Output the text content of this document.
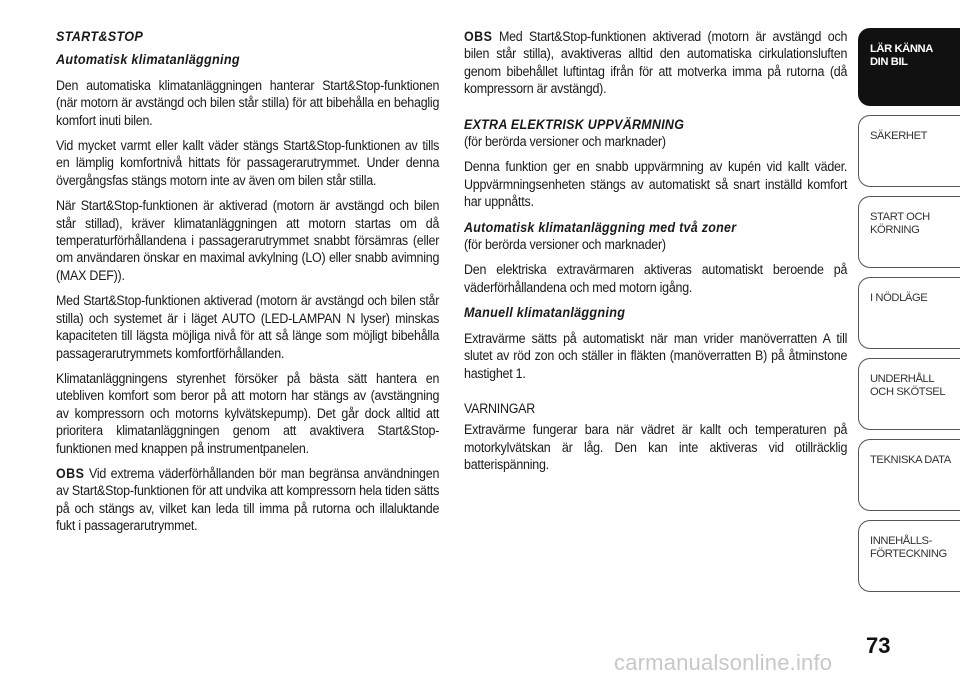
START&STOP
Automatisk klimatanläggning

Den automatiska klimatanläggningen hanterar Start&Stop-funktionen (när motorn är avstängd och bilen står stilla) för att bibehålla en behaglig komfort inuti bilen.

Vid mycket varmt eller kallt väder stängs Start&Stop-funktionen av tills en lämplig komfortnivå hittats för passagerarutrymmet. Under denna övergångsfas stängs motorn inte av även om bilen står stilla.

När Start&Stop-funktionen är aktiverad (motorn är avstängd och bilen står stillad), kräver klimatanläggningen att motorn startas om då temperaturförhållandena i passagerarutrymmet snabbt försämras (eller om användaren önskar en maximal avkylning (LO) eller snabb avimning (MAX DEF)).

Med Start&Stop-funktionen aktiverad (motorn är avstängd och bilen står stilla) och systemet är i läget AUTO (LED-LAMPAN N lyser) minskas kapaciteten till lägsta möjliga nivå för att så länge som möjligt bibehålla passagerarutrymmets komfortförhållanden.

Klimatanläggningens styrenhet försöker på bästa sätt hantera en utebliven komfort som beror på att motorn har stängs av (avstängning av kompressorn och motorns kylvätskepump). Det går dock alltid att prioritera klimatanläggningen genom att avaktivera Start&Stop-funktionen med knappen på instrumentpanelen.

OBS Vid extrema väderförhållanden bör man begränsa användningen av Start&Stop-funktionen för att undvika att kompressorn hela tiden sätts på och stängs av, vilket kan leda till imma på rutorna och illaluktande fukt i passagerarutrymmet.

OBS Med Start&Stop-funktionen aktiverad (motorn är avstängd och bilen står stilla), avaktiveras alltid den automatiska cirkulationsluften genom bibehållet luftintag ifrån för att motverka imma på rutorna (då kompressorn är avstängd).

EXTRA ELEKTRISK UPPVÄRMNING

(för berörda versioner och marknader)

Denna funktion ger en snabb uppvärmning av kupén vid kallt väder. Uppvärmningsenheten stängs av automatiskt så snart inställd komfort har uppnåtts.

Automatisk klimatanläggning med två zoner

(för berörda versioner och marknader)

Den elektriska extravärmaren aktiveras automatiskt beroende på väderförhållandena och med motorn igång.

Manuell klimatanläggning

Extravärme sätts på automatiskt när man vrider manöverratten A till slutet av röd zon och ställer in fläkten (manöverratten B) på åtminstone hastighet 1.

VARNINGAR

Extravärme fungerar bara när vädret är kallt och temperaturen på motorkylvätskan är låg. Den kan inte aktiveras vid otillräcklig batterispänning.

LÄR KÄNNA
DIN BIL
SÄKERHET
START OCH
KÖRNING
I NÖDLÄGE
UNDERHÅLL
OCH SKÖTSEL
TEKNISKA DATA
INNEHÅLLS-
FÖRTECKNING
73
carmanualsonline.info
